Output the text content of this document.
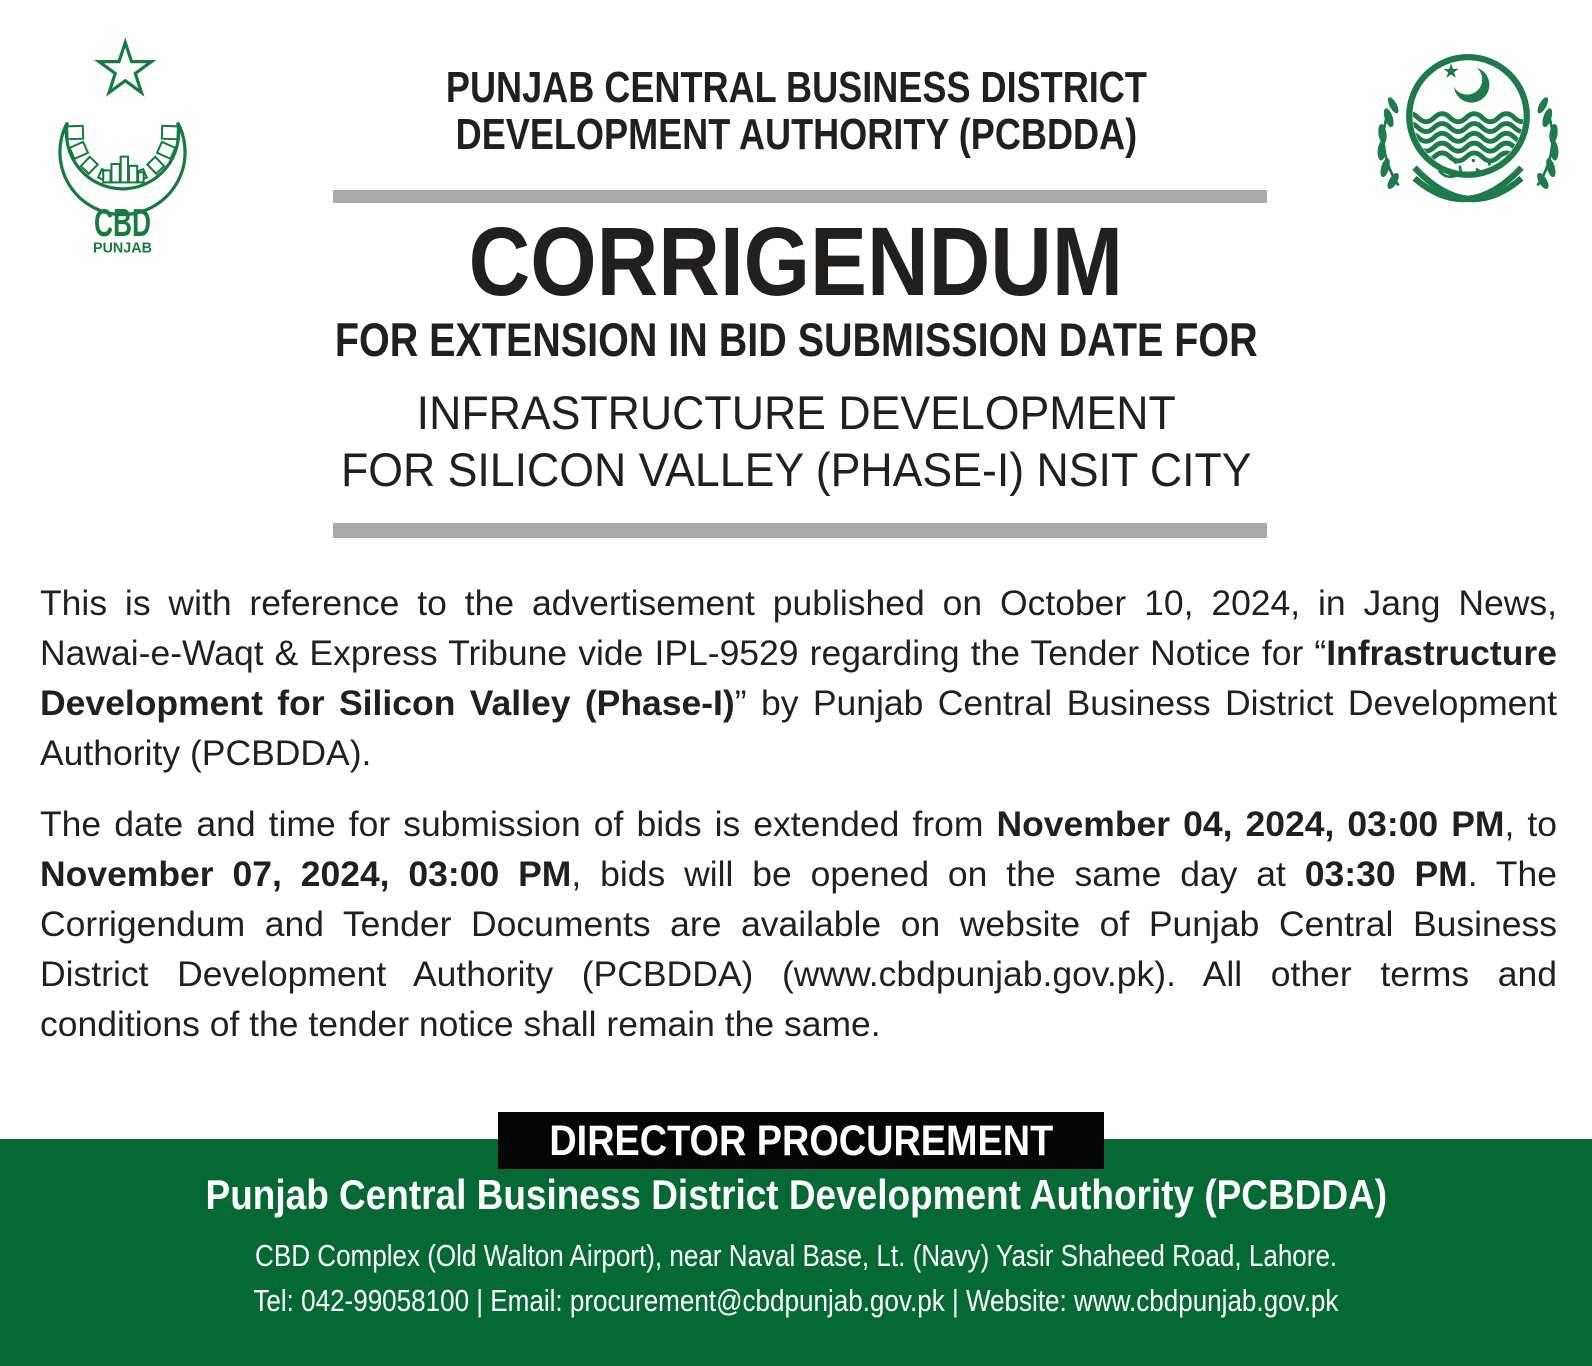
CBD
PUNJAB
PUNJAB CENTRAL BUSINESS DISTRICT
DEVELOPMENT AUTHORITY (PCBDDA)
CORRIGENDUM
FOR EXTENSION IN BID SUBMISSION DATE FOR
INFRASTRUCTURE DEVELOPMENT
FOR SILICON VALLEY (PHASE-I) NSIT CITY
This is with reference to the advertisement published on October 10, 2024, in Jang News, Nawai-e-Waqt & Express Tribune vide IPL-9529 regarding the Tender Notice for “Infrastructure Development for Silicon Valley (Phase-I)” by Punjab Central Business District Development Authority (PCBDDA).
The date and time for submission of bids is extended from November 04, 2024, 03:00 PM, to November 07, 2024, 03:00 PM, bids will be opened on the same day at 03:30 PM. The Corrigendum and Tender Documents are available on website of Punjab Central Business District Development Authority (PCBDDA) (www.cbdpunjab.gov.pk). All other terms and conditions of the tender notice shall remain the same.
DIRECTOR PROCUREMENT
Punjab Central Business District Development Authority (PCBDDA)
CBD Complex (Old Walton Airport), near Naval Base, Lt. (Navy) Yasir Shaheed Road, Lahore.
Tel: 042-99058100 | Email: procurement@cbdpunjab.gov.pk | Website: www.cbdpunjab.gov.pk
